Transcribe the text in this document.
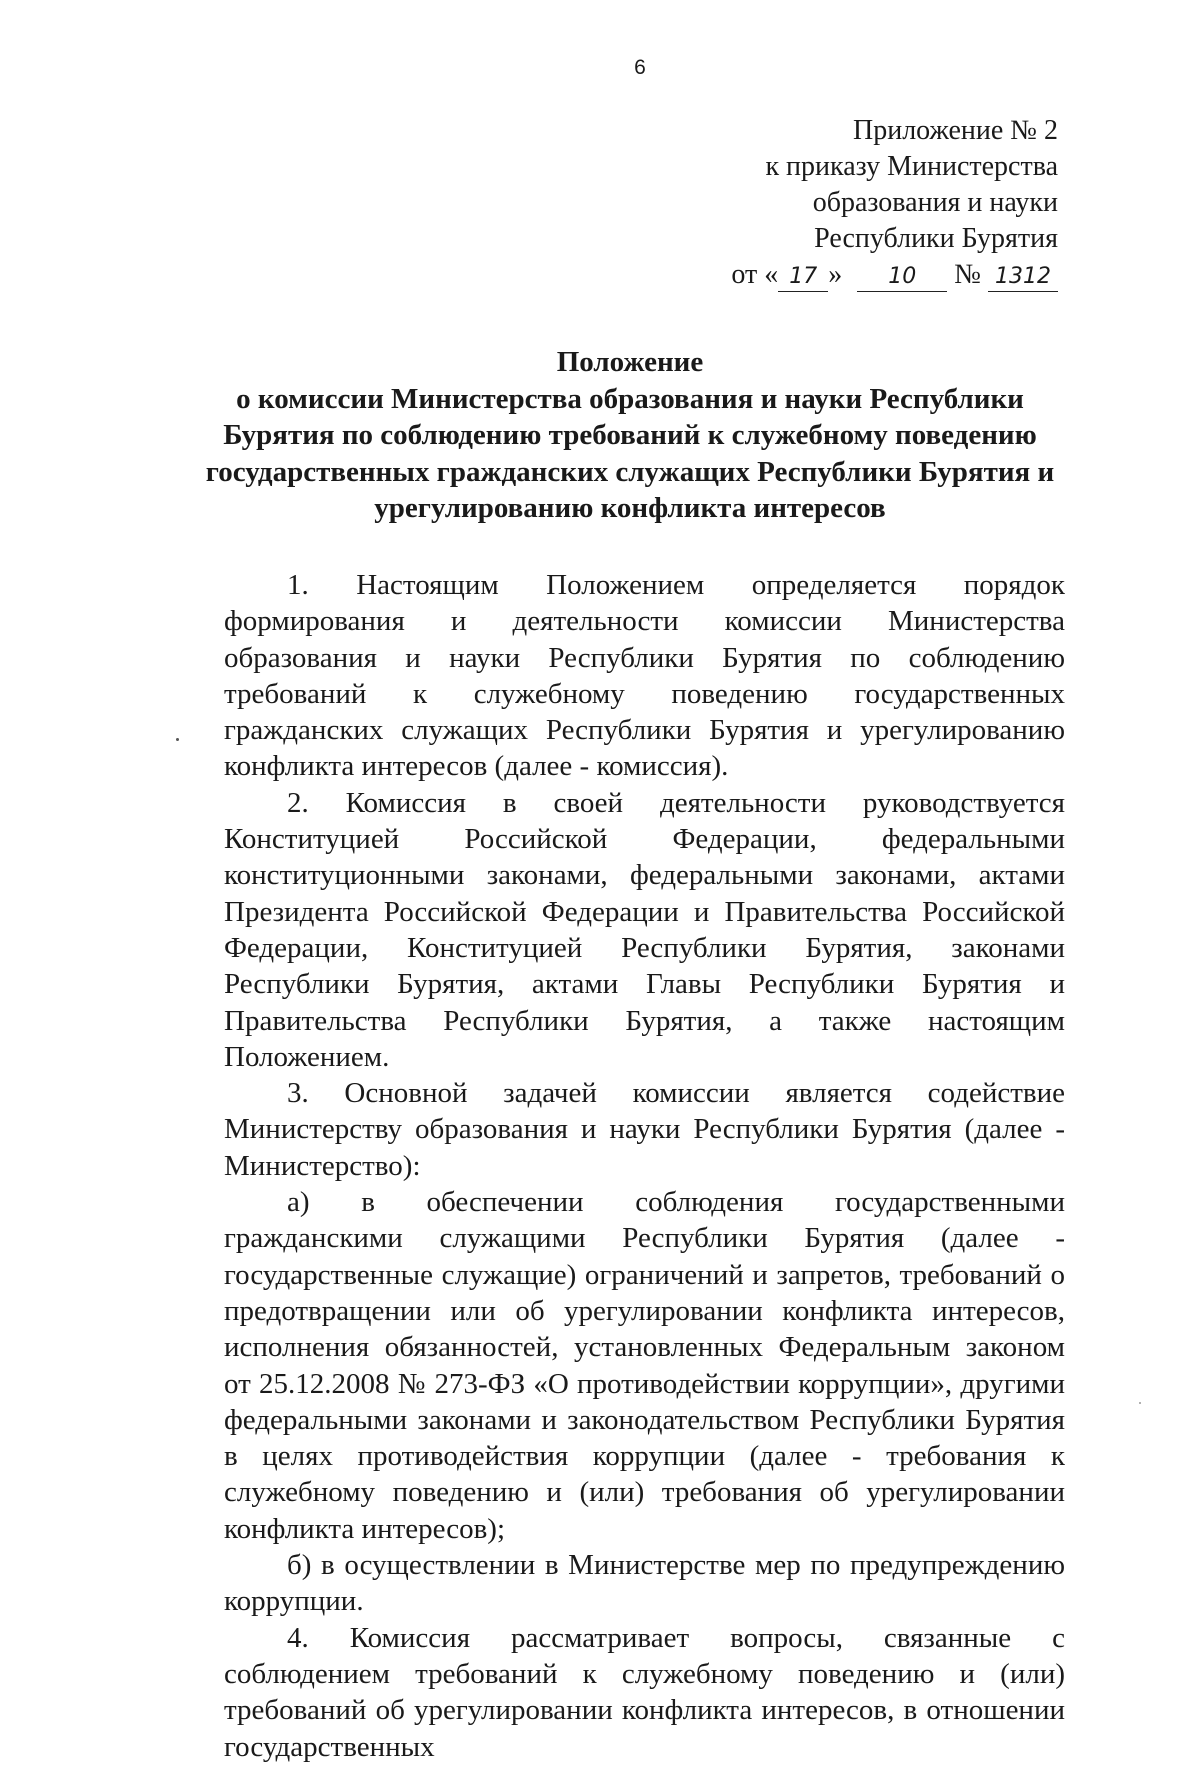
6
Приложение № 2
к приказу Министерства
образования и науки
Республики Бурятия
от « 17 » 10 № 1312
Положение
о комиссии Министерства образования и науки Республики
Бурятия по соблюдению требований к служебному поведению
государственных гражданских служащих Республики Бурятия и
урегулированию конфликта интересов

1. Настоящим Положением определяется порядок формирования и деятельности комиссии Министерства образования и науки Республики Бурятия по соблюдению требований к служебному поведению государственных гражданских служащих Республики Бурятия и урегулированию конфликта интересов (далее - комиссия).

2. Комиссия в своей деятельности руководствуется Конституцией Российской Федерации, федеральными конституционными законами, федеральными законами, актами Президента Российской Федерации и Правительства Российской Федерации, Конституцией Республики Бурятия, законами Республики Бурятия, актами Главы Республики Бурятия и Правительства Республики Бурятия, а также настоящим Положением.

3. Основной задачей комиссии является содействие Министерству образования и науки Республики Бурятия (далее - Министерство):

а) в обеспечении соблюдения государственными гражданскими служащими Республики Бурятия (далее - государственные служащие) ограничений и запретов, требований о предотвращении или об урегулировании конфликта интересов, исполнения обязанностей, установленных Федеральным законом от 25.12.2008 № 273-ФЗ «О противодействии коррупции», другими федеральными законами и законодательством Республики Бурятия в целях противодействия коррупции (далее - требования к служебному поведению и (или) требования об урегулировании конфликта интересов);

б) в осуществлении в Министерстве мер по предупреждению коррупции.

4. Комиссия рассматривает вопросы, связанные с соблюдением требований к служебному поведению и (или) требований об урегулировании конфликта интересов, в отношении государственных
